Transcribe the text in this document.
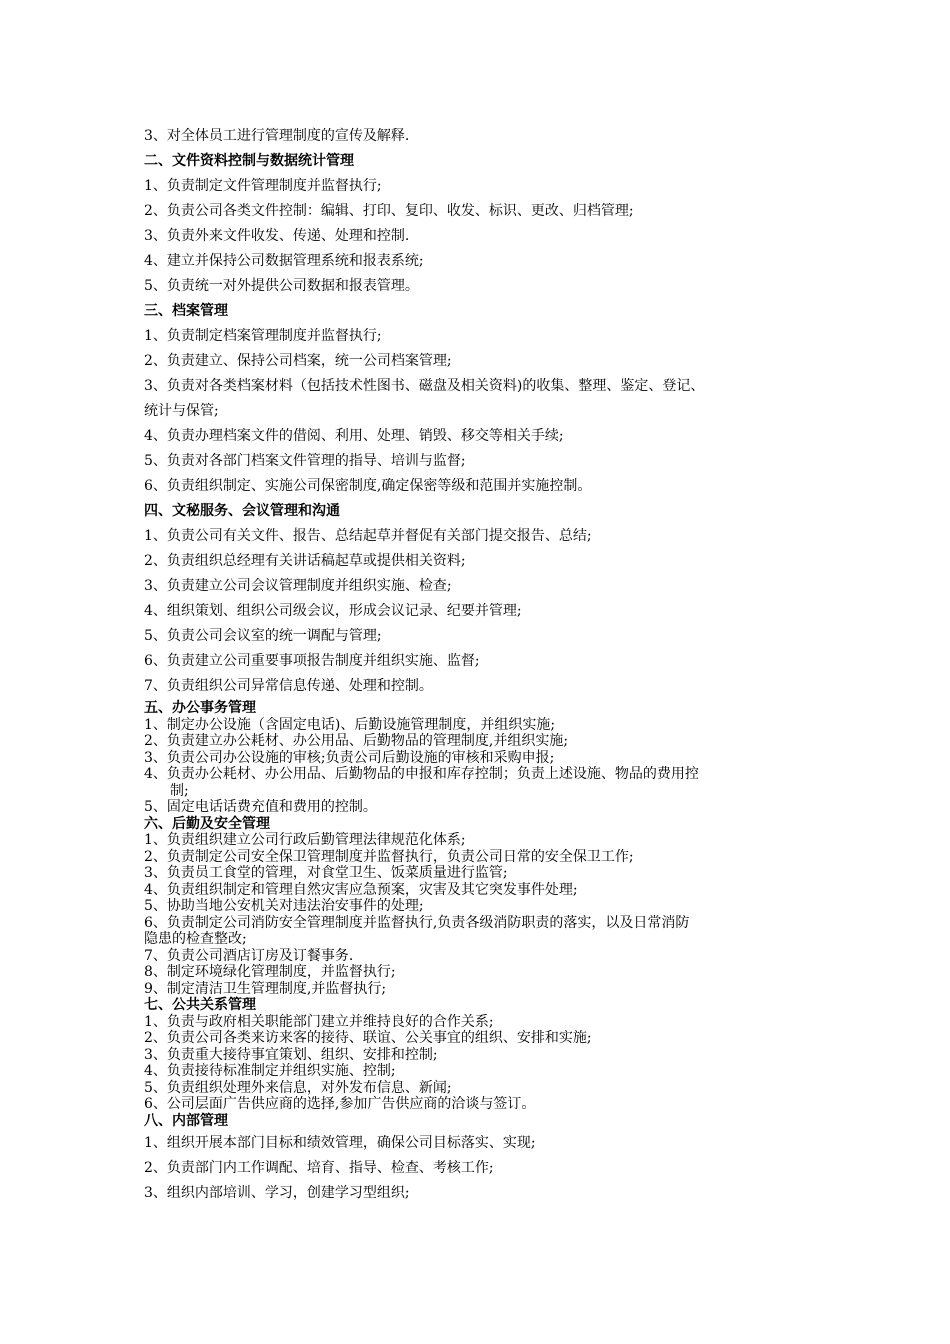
3、对全体员工进行管理制度的宣传及解释.

二、文件资料控制与数据统计管理

1、负责制定文件管理制度并监督执行;

2、负责公司各类文件控制：编辑、打印、复印、收发、标识、更改、归档管理;

3、负责外来文件收发、传递、处理和控制.

4、建立并保持公司数据管理系统和报表系统;

5、负责统一对外提供公司数据和报表管理。

三、档案管理

1、负责制定档案管理制度并监督执行;

2、负责建立、保持公司档案，统一公司档案管理;

3、负责对各类档案材料（包括技术性图书、磁盘及相关资料)的收集、整理、鉴定、登记、

统计与保管;

4、负责办理档案文件的借阅、利用、处理、销毁、移交等相关手续;

5、负责对各部门档案文件管理的指导、培训与监督;

6、负责组织制定、实施公司保密制度,确定保密等级和范围并实施控制。

四、文秘服务、会议管理和沟通

1、负责公司有关文件、报告、总结起草并督促有关部门提交报告、总结;

2、负责组织总经理有关讲话稿起草或提供相关资料;

3、负责建立公司会议管理制度并组织实施、检查;

4、组织策划、组织公司级会议，形成会议记录、纪要并管理;

5、负责公司会议室的统一调配与管理;

6、负责建立公司重要事项报告制度并组织实施、监督;

7、负责组织公司异常信息传递、处理和控制。

五、办公事务管理

1、制定办公设施（含固定电话)、后勤设施管理制度，并组织实施;

2、负责建立办公耗材、办公用品、后勤物品的管理制度,并组织实施;

3、负责公司办公设施的审核;负责公司后勤设施的审核和采购申报;

4、负责办公耗材、办公用品、后勤物品的申报和库存控制；负责上述设施、物品的费用控

制;

5、固定电话话费充值和费用的控制。

六、后勤及安全管理

1、负责组织建立公司行政后勤管理法律规范化体系;

2、负责制定公司安全保卫管理制度并监督执行，负责公司日常的安全保卫工作;

3、负责员工食堂的管理，对食堂卫生、饭菜质量进行监管;

4、负责组织制定和管理自然灾害应急预案，灾害及其它突发事件处理;

5、协助当地公安机关对违法治安事件的处理;

6、负责制定公司消防安全管理制度并监督执行,负责各级消防职责的落实，以及日常消防

隐患的检查整改;

7、负责公司酒店订房及订餐事务.

8、制定环境绿化管理制度，并监督执行;

9、制定清洁卫生管理制度,并监督执行;

七、公共关系管理

1、负责与政府相关职能部门建立并维持良好的合作关系;

2、负责公司各类来访来客的接待、联谊、公关事宜的组织、安排和实施;

3、负责重大接待事宜策划、组织、安排和控制;

4、负责接待标准制定并组织实施、控制;

5、负责组织处理外来信息，对外发布信息、新闻;

6、公司层面广告供应商的选择,参加广告供应商的洽谈与签订。

八、内部管理

1、组织开展本部门目标和绩效管理，确保公司目标落实、实现;

2、负责部门内工作调配、培育、指导、检查、考核工作;

3、组织内部培训、学习，创建学习型组织;
